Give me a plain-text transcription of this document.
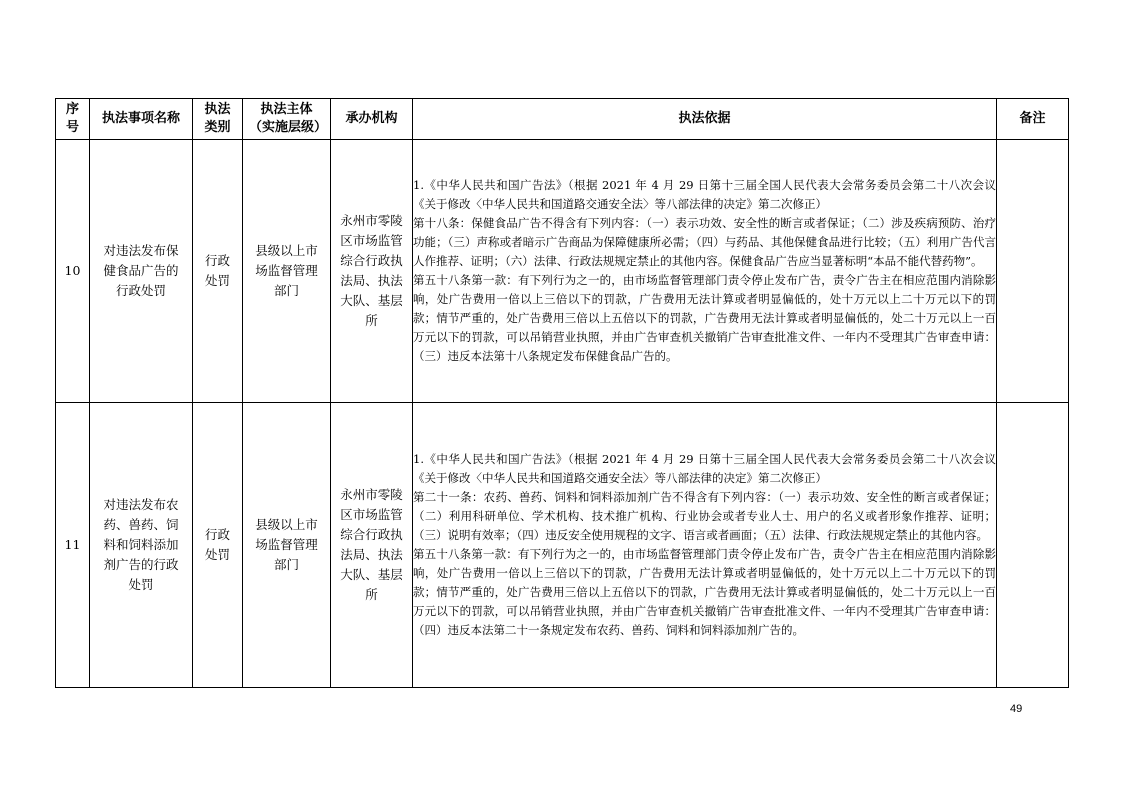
序号	执法事项名称	执法类别	执法主体（实施层级）	承办机构	执法依据	备注
10	对违法发布保健食品广告的行政处罚	行政处罚	县级以上市场监督管理部门	永州市零陵区市场监管综合行政执法局、执法大队、基层所	1.《中华人民共和国广告法》（根据 2021 年 4 月 29 日第十三届全国人民代表大会常务委员会第二十八次会议《关于修改〈中华人民共和国道路交通安全法〉等八部法律的决定》第二次修正）
第十八条：保健食品广告不得含有下列内容：（一）表示功效、安全性的断言或者保证；（二）涉及疾病预防、治疗功能；（三）声称或者暗示广告商品为保障健康所必需；（四）与药品、其他保健食品进行比较；（五）利用广告代言人作推荐、证明；（六）法律、行政法规规定禁止的其他内容。保健食品广告应当显著标明“本品不能代替药物”。
第五十八条第一款：有下列行为之一的，由市场监督管理部门责令停止发布广告，责令广告主在相应范围内消除影响，处广告费用一倍以上三倍以下的罚款，广告费用无法计算或者明显偏低的，处十万元以上二十万元以下的罚款；情节严重的，处广告费用三倍以上五倍以下的罚款，广告费用无法计算或者明显偏低的，处二十万元以上一百万元以下的罚款，可以吊销营业执照，并由广告审查机关撤销广告审查批准文件、一年内不受理其广告审查申请：（三）违反本法第十八条规定发布保健食品广告的。	

11	对违法发布农药、兽药、饲料和饲料添加剂广告的行政处罚	行政处罚	县级以上市场监督管理部门	永州市零陵区市场监管综合行政执法局、执法大队、基层所	1.《中华人民共和国广告法》（根据 2021 年 4 月 29 日第十三届全国人民代表大会常务委员会第二十八次会议《关于修改〈中华人民共和国道路交通安全法〉等八部法律的决定》第二次修正）
第二十一条：农药、兽药、饲料和饲料添加剂广告不得含有下列内容：（一）表示功效、安全性的断言或者保证；（二）利用科研单位、学术机构、技术推广机构、行业协会或者专业人士、用户的名义或者形象作推荐、证明；（三）说明有效率；（四）违反安全使用规程的文字、语言或者画面；（五）法律、行政法规规定禁止的其他内容。
第五十八条第一款：有下列行为之一的，由市场监督管理部门责令停止发布广告，责令广告主在相应范围内消除影响，处广告费用一倍以上三倍以下的罚款，广告费用无法计算或者明显偏低的，处十万元以上二十万元以下的罚款；情节严重的，处广告费用三倍以上五倍以下的罚款，广告费用无法计算或者明显偏低的，处二十万元以上一百万元以下的罚款，可以吊销营业执照，并由广告审查机关撤销广告审查批准文件、一年内不受理其广告审查申请：（四）违反本法第二十一条规定发布农药、兽药、饲料和饲料添加剂广告的。	

49
